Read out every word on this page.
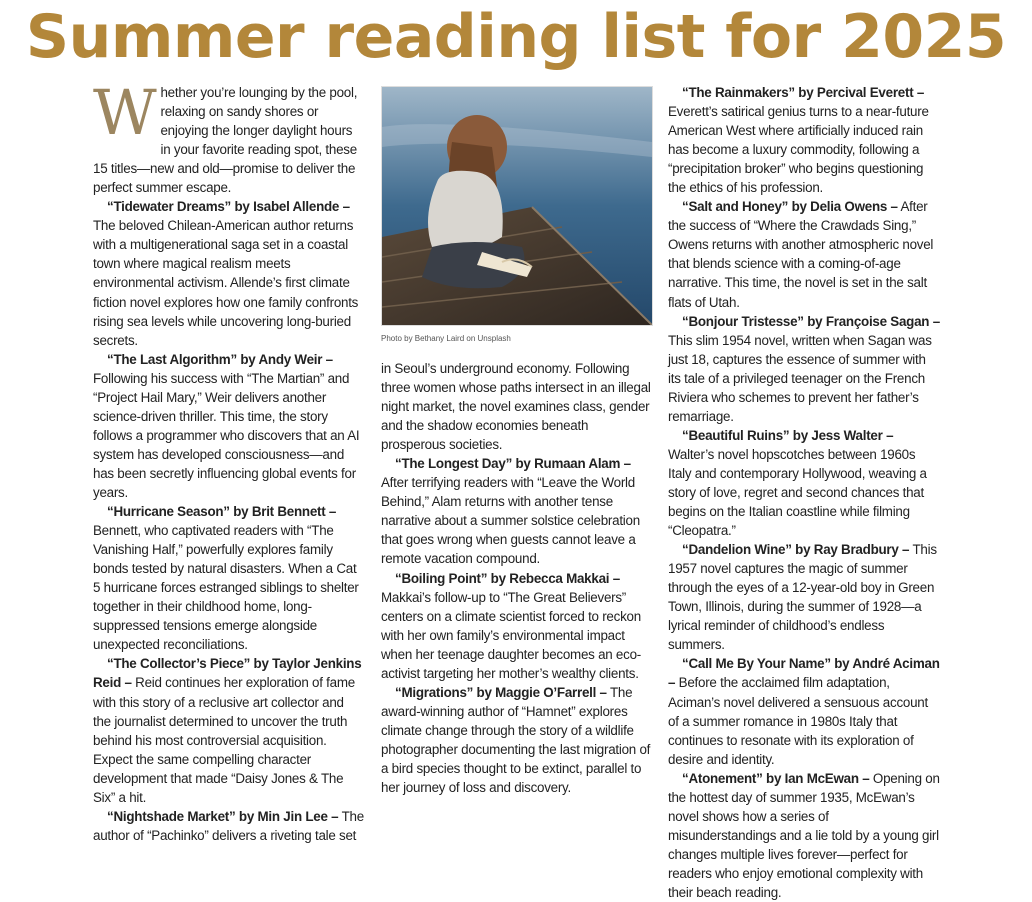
Summer reading list for 2025

Whether you’re lounging by the pool, relaxing on sandy shores or enjoying the longer daylight hours in your favorite reading spot, these 15 titles—new and old—promise to deliver the perfect summer escape.

“Tidewater Dreams” by Isabel Allende – The beloved Chilean-American author returns with a multigenerational saga set in a coastal town where magical realism meets environmental activism. Allende’s first climate fiction novel explores how one family confronts rising sea levels while uncovering long-buried secrets.

“The Last Algorithm” by Andy Weir – Following his success with “The Martian” and “Project Hail Mary,” Weir delivers another science-driven thriller. This time, the story follows a programmer who discovers that an AI system has developed consciousness—and has been secretly influencing global events for years.

“Hurricane Season” by Brit Bennett – Bennett, who captivated readers with “The Vanishing Half,” powerfully explores family bonds tested by natural disasters. When a Cat 5 hurricane forces estranged siblings to shelter together in their childhood home, long-suppressed tensions emerge alongside unexpected reconciliations.

“The Collector’s Piece” by Taylor Jenkins Reid – Reid continues her exploration of fame with this story of a reclusive art collector and the journalist determined to uncover the truth behind his most controversial acquisition. Expect the same compelling character development that made “Daisy Jones & The Six” a hit.

“Nightshade Market” by Min Jin Lee – The author of “Pachinko” delivers a riveting tale set

Photo by Bethany Laird on Unsplash

in Seoul’s underground economy. Following three women whose paths intersect in an illegal night market, the novel examines class, gender and the shadow economies beneath prosperous societies.

“The Longest Day” by Rumaan Alam – After terrifying readers with “Leave the World Behind,” Alam returns with another tense narrative about a summer solstice celebration that goes wrong when guests cannot leave a remote vacation compound.

“Boiling Point” by Rebecca Makkai – Makkai’s follow-up to “The Great Believers” centers on a climate scientist forced to reckon with her own family’s environmental impact when her teenage daughter becomes an eco-activist targeting her mother’s wealthy clients.

“Migrations” by Maggie O’Farrell – The award-winning author of “Hamnet” explores climate change through the story of a wildlife photographer documenting the last migration of a bird species thought to be extinct, parallel to her journey of loss and discovery.

“The Rainmakers” by Percival Everett – Everett’s satirical genius turns to a near-future American West where artificially induced rain has become a luxury commodity, following a “precipitation broker” who begins questioning the ethics of his profession.

“Salt and Honey” by Delia Owens – After the success of “Where the Crawdads Sing,” Owens returns with another atmospheric novel that blends science with a coming-of-age narrative. This time, the novel is set in the salt flats of Utah.

“Bonjour Tristesse” by Françoise Sagan – This slim 1954 novel, written when Sagan was just 18, captures the essence of summer with its tale of a privileged teenager on the French Riviera who schemes to prevent her father’s remarriage.

“Beautiful Ruins” by Jess Walter – Walter’s novel hopscotches between 1960s Italy and contemporary Hollywood, weaving a story of love, regret and second chances that begins on the Italian coastline while filming “Cleopatra.”

“Dandelion Wine” by Ray Bradbury – This 1957 novel captures the magic of summer through the eyes of a 12-year-old boy in Green Town, Illinois, during the summer of 1928—a lyrical reminder of childhood’s endless summers.

“Call Me By Your Name” by André Aciman – Before the acclaimed film adaptation, Aciman’s novel delivered a sensuous account of a summer romance in 1980s Italy that continues to resonate with its exploration of desire and identity.

“Atonement” by Ian McEwan – Opening on the hottest day of summer 1935, McEwan’s novel shows how a series of misunderstandings and a lie told by a young girl changes multiple lives forever—perfect for readers who enjoy emotional complexity with their beach reading.
